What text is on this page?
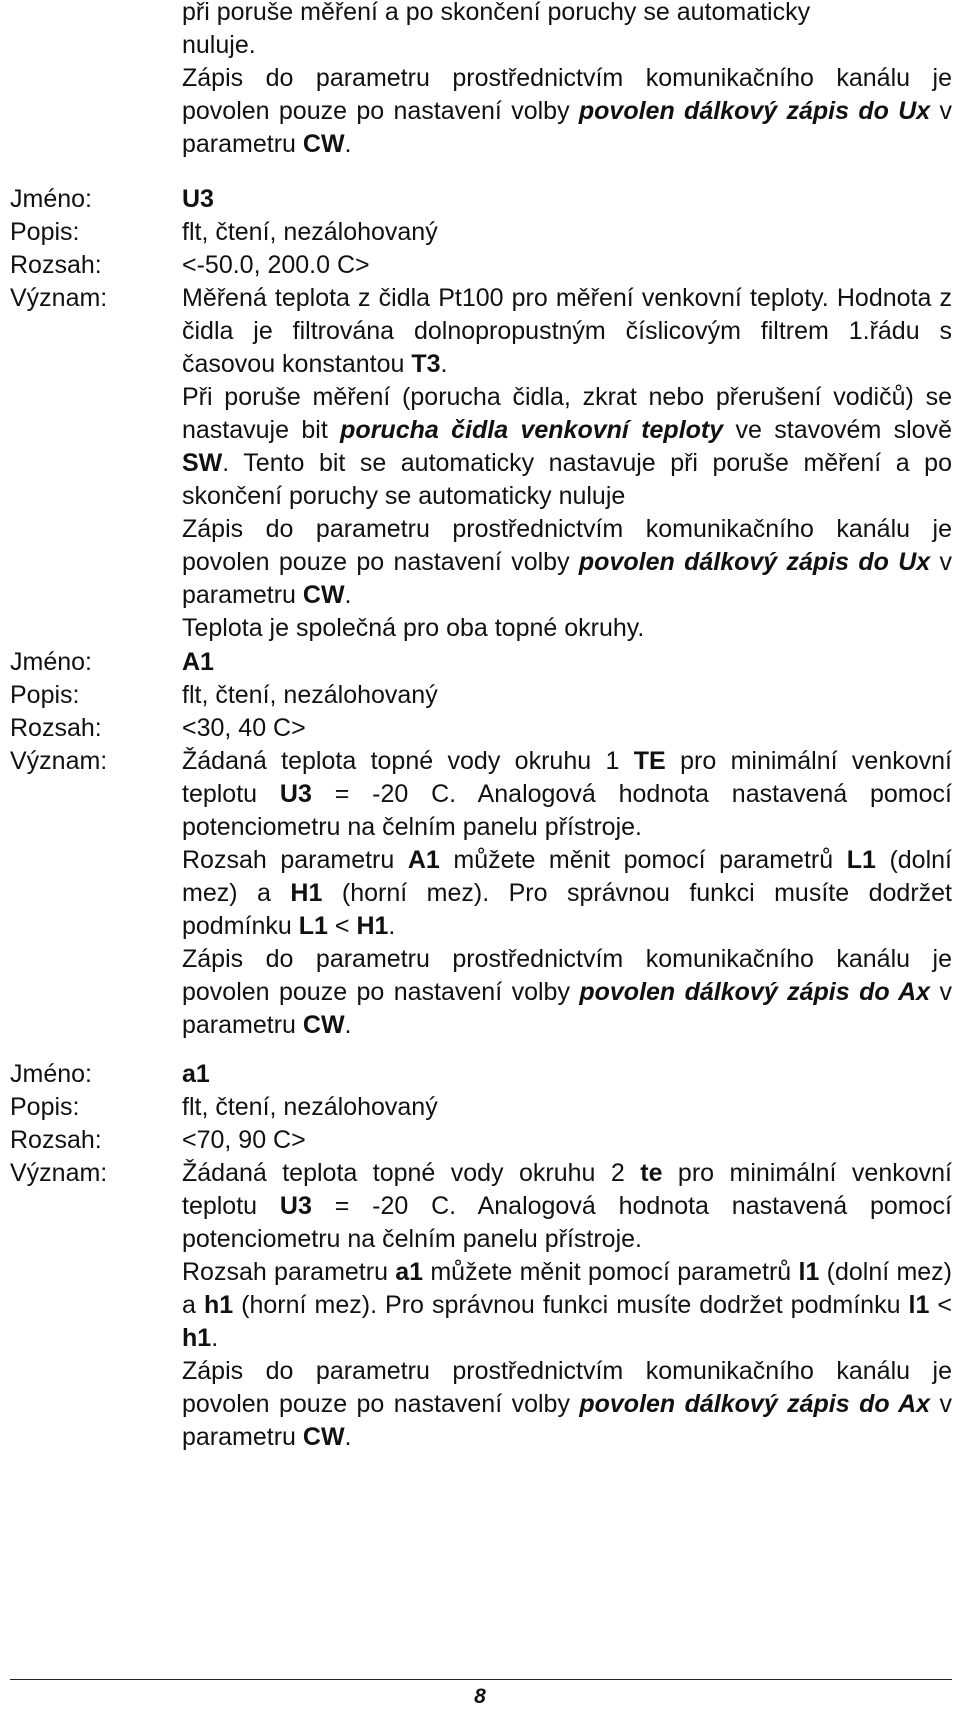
při poruše měření a po skončení poruchy se automaticky

nuluje.

Zápis do parametru prostřednictvím komunikačního kanálu je povolen pouze po nastavení volby povolen dálkový zápis do Ux v parametru CW.

Jméno:	U3
Popis:	flt, čtení, nezálohovaný
Rozsah:	<-50.0, 200.0 C>
Význam:	Měřená teplota z čidla Pt100 pro měření venkovní teploty. Hodnota z čidla je filtrována dolnopropustným číslicovým filtrem 1.řádu s časovou konstantou T3.

Při poruše měření (porucha čidla, zkrat nebo přerušení vodičů) se nastavuje bit porucha čidla venkovní teploty ve stavovém slově SW. Tento bit se automaticky nastavuje při poruše měření a po skončení poruchy se automaticky nuluje

Zápis do parametru prostřednictvím komunikačního kanálu je povolen pouze po nastavení volby povolen dálkový zápis do Ux v parametru CW.

Teplota je společná pro oba topné okruhy.

Jméno:	A1
Popis:	flt, čtení, nezálohovaný
Rozsah:	<30, 40 C>
Význam:	Žádaná teplota topné vody okruhu 1 TE pro minimální venkovní teplotu U3 = -20 C. Analogová hodnota nastavená pomocí potenciometru na čelním panelu přístroje.

Rozsah parametru A1 můžete měnit pomocí parametrů L1 (dolní mez) a H1 (horní mez). Pro správnou funkci musíte dodržet podmínku L1 < H1.

Zápis do parametru prostřednictvím komunikačního kanálu je povolen pouze po nastavení volby povolen dálkový zápis do Ax v parametru CW.

Jméno:	a1
Popis:	flt, čtení, nezálohovaný
Rozsah:	<70, 90 C>
Význam:	Žádaná teplota topné vody okruhu 2 te pro minimální venkovní teplotu U3 = -20 C. Analogová hodnota nastavená pomocí potenciometru na čelním panelu přístroje.

Rozsah parametru a1 můžete měnit pomocí parametrů l1 (dolní mez) a h1 (horní mez). Pro správnou funkci musíte dodržet podmínku l1 < h1.

Zápis do parametru prostřednictvím komunikačního kanálu je povolen pouze po nastavení volby povolen dálkový zápis do Ax v parametru CW.

8
